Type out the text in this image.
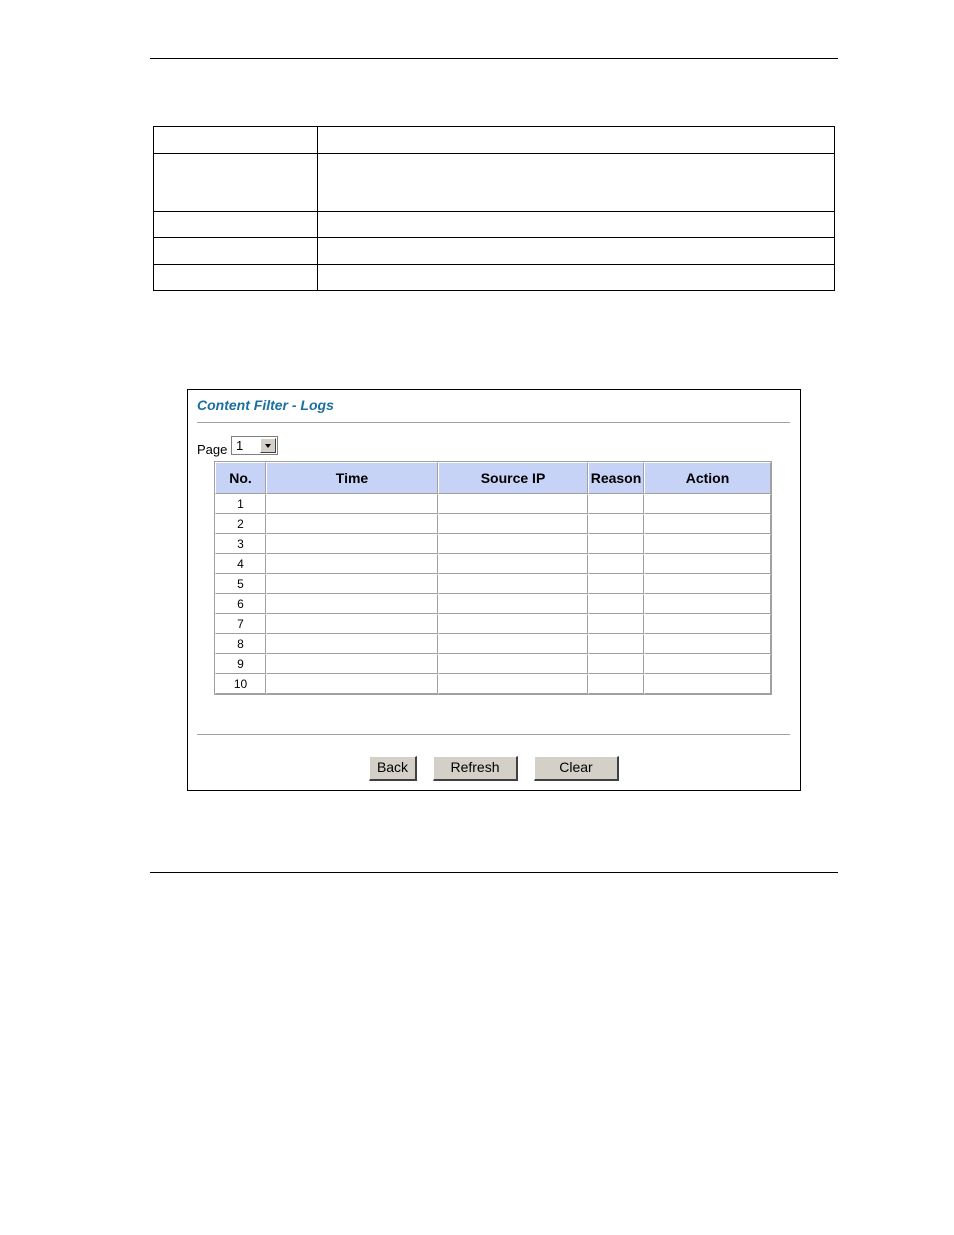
Content Filter - Logs
Page 1
No.	Time	Source IP	Reason	Action
1				
2				
3				
4				
5				
6				
7				
8				
9				
10				
Back	Refresh	Clear
